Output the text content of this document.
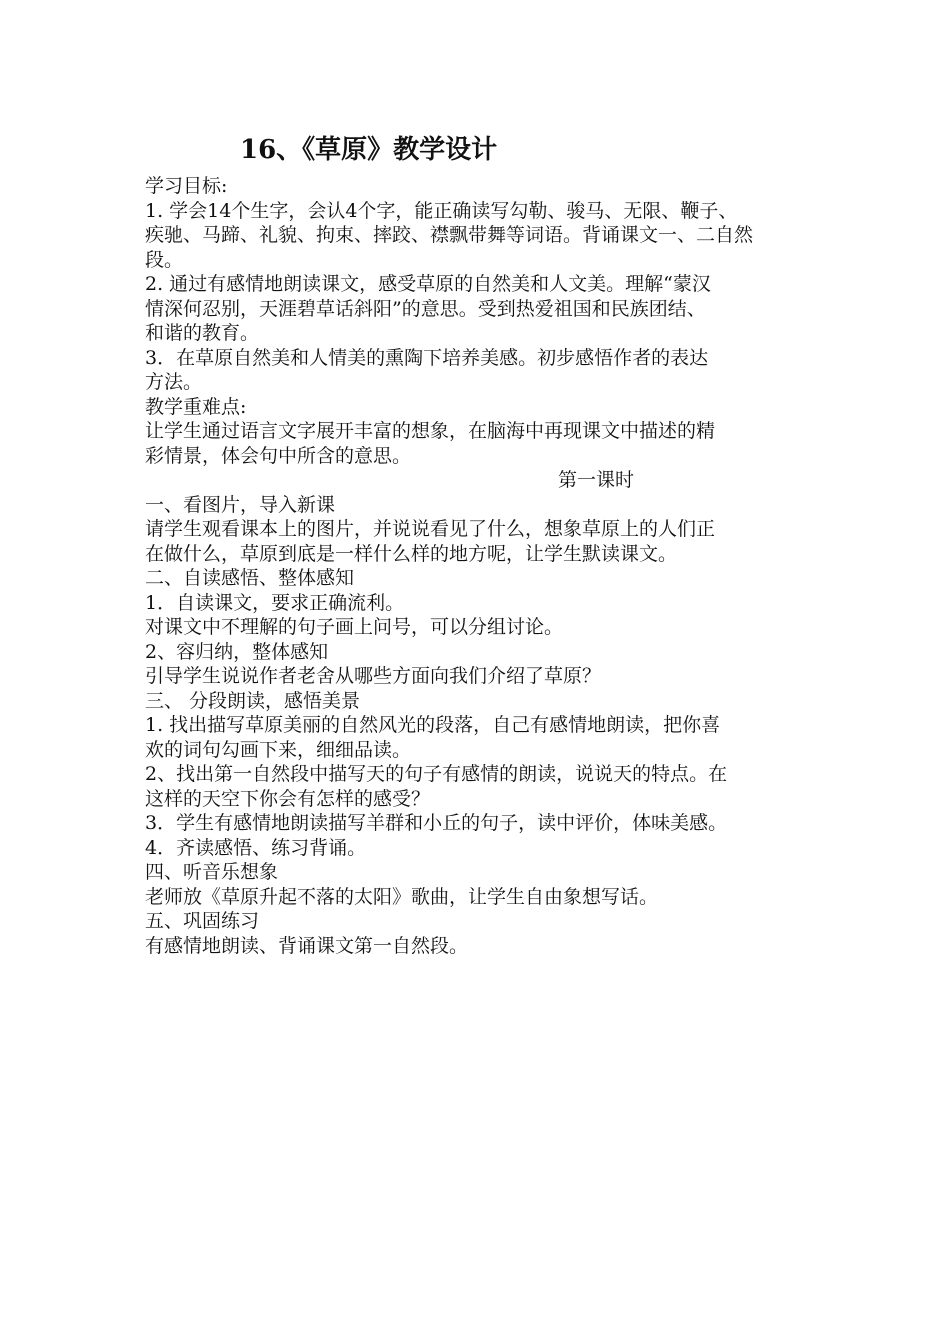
16、《草原》教学设计
学习目标:
1. 学会14个生字，会认4个字，能正确读写勾勒、骏马、无限、鞭子、
疾驰、马蹄、礼貌、拘束、摔跤、襟飘带舞等词语。背诵课文一、二自然
段。
2. 通过有感情地朗读课文，感受草原的自然美和人文美。理解“蒙汉
情深何忍别，天涯碧草话斜阳”的意思。受到热爱祖国和民族团结、
和谐的教育。
3．在草原自然美和人情美的熏陶下培养美感。初步感悟作者的表达
方法。
教学重难点:
让学生通过语言文字展开丰富的想象，在脑海中再现课文中描述的精
彩情景，体会句中所含的意思。
第一课时
一、看图片，导入新课
请学生观看课本上的图片，并说说看见了什么，想象草原上的人们正
在做什么，草原到底是一样什么样的地方呢，让学生默读课文。
二、自读感悟、整体感知
1．自读课文，要求正确流利。
对课文中不理解的句子画上问号，可以分组讨论。
2、容归纳，整体感知
引导学生说说作者老舍从哪些方面向我们介绍了草原？
三、 分段朗读，感悟美景
1. 找出描写草原美丽的自然风光的段落，自己有感情地朗读，把你喜
欢的词句勾画下来，细细品读。
2、找出第一自然段中描写天的句子有感情的朗读，说说天的特点。在
这样的天空下你会有怎样的感受？
3．学生有感情地朗读描写羊群和小丘的句子，读中评价，体味美感。
4．齐读感悟、练习背诵。
四、听音乐想象
老师放《草原升起不落的太阳》歌曲，让学生自由象想写话。
五、巩固练习
有感情地朗读、背诵课文第一自然段。
